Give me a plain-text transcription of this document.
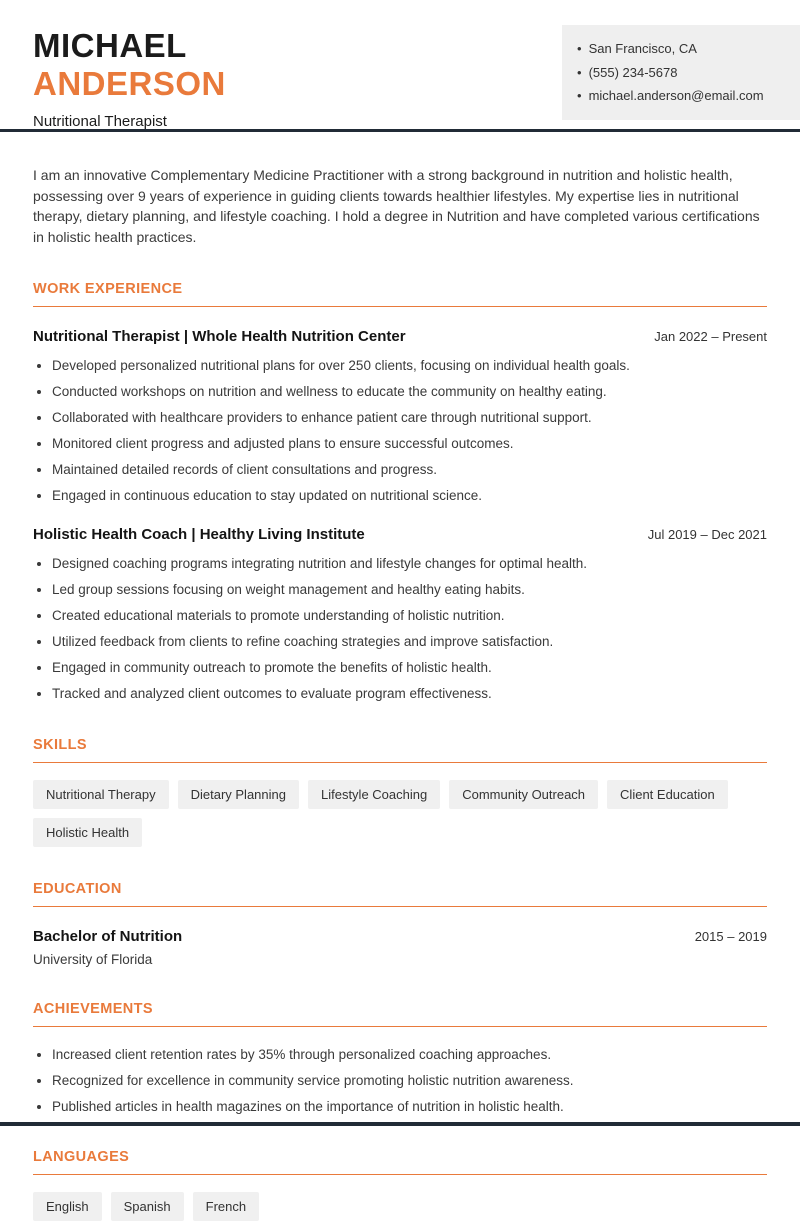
MICHAEL
ANDERSON
Nutritional Therapist
• San Francisco, CA
• (555) 234-5678
• michael.anderson@email.com

I am an innovative Complementary Medicine Practitioner with a strong background in nutrition and holistic health, possessing over 9 years of experience in guiding clients towards healthier lifestyles. My expertise lies in nutritional therapy, dietary planning, and lifestyle coaching. I hold a degree in Nutrition and have completed various certifications in holistic health practices.

WORK EXPERIENCE
Nutritional Therapist | Whole Health Nutrition Center	Jan 2022 – Present
• Developed personalized nutritional plans for over 250 clients, focusing on individual health goals.
• Conducted workshops on nutrition and wellness to educate the community on healthy eating.
• Collaborated with healthcare providers to enhance patient care through nutritional support.
• Monitored client progress and adjusted plans to ensure successful outcomes.
• Maintained detailed records of client consultations and progress.
• Engaged in continuous education to stay updated on nutritional science.
Holistic Health Coach | Healthy Living Institute	Jul 2019 – Dec 2021
• Designed coaching programs integrating nutrition and lifestyle changes for optimal health.
• Led group sessions focusing on weight management and healthy eating habits.
• Created educational materials to promote understanding of holistic nutrition.
• Utilized feedback from clients to refine coaching strategies and improve satisfaction.
• Engaged in community outreach to promote the benefits of holistic health.
• Tracked and analyzed client outcomes to evaluate program effectiveness.
SKILLS
Nutritional Therapy	Dietary Planning	Lifestyle Coaching	Community Outreach	Client Education
Holistic Health
EDUCATION
Bachelor of Nutrition	2015 – 2019
University of Florida
ACHIEVEMENTS
• Increased client retention rates by 35% through personalized coaching approaches.
• Recognized for excellence in community service promoting holistic nutrition awareness.
• Published articles in health magazines on the importance of nutrition in holistic health.
LANGUAGES
English	Spanish	French
